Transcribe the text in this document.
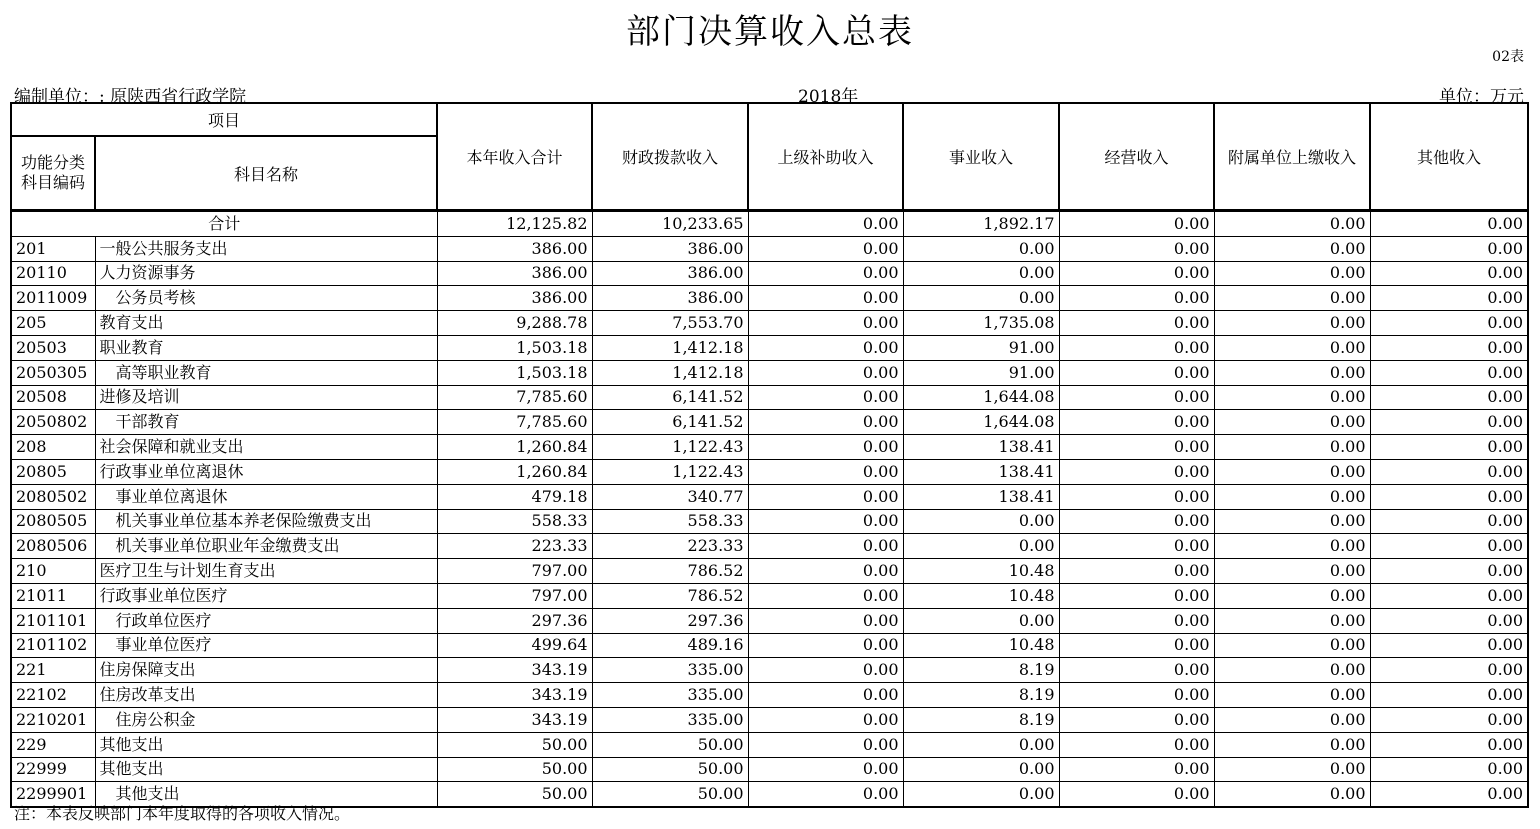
部门决算收入总表
02表
编制单位：: 原陕西省行政学院	2018年	单位：万元
项目		本年收入合计	财政拨款收入	上级补助收入	事业收入	经营收入	附属单位上缴收入	其他收入

功能分类
科目编码	科目名称							
合计		12,125.82	10,233.65	0.00	1,892.17	0.00	0.00	0.00
201	一般公共服务支出	386.00	386.00	0.00	0.00	0.00	0.00	0.00
20110	人力资源事务	386.00	386.00	0.00	0.00	0.00	0.00	0.00
2011009	公务员考核	386.00	386.00	0.00	0.00	0.00	0.00	0.00
205	教育支出	9,288.78	7,553.70	0.00	1,735.08	0.00	0.00	0.00
20503	职业教育	1,503.18	1,412.18	0.00	91.00	0.00	0.00	0.00
2050305	高等职业教育	1,503.18	1,412.18	0.00	91.00	0.00	0.00	0.00
20508	进修及培训	7,785.60	6,141.52	0.00	1,644.08	0.00	0.00	0.00
2050802	干部教育	7,785.60	6,141.52	0.00	1,644.08	0.00	0.00	0.00
208	社会保障和就业支出	1,260.84	1,122.43	0.00	138.41	0.00	0.00	0.00
20805	行政事业单位离退休	1,260.84	1,122.43	0.00	138.41	0.00	0.00	0.00
2080502	事业单位离退休	479.18	340.77	0.00	138.41	0.00	0.00	0.00
2080505	机关事业单位基本养老保险缴费支出	558.33	558.33	0.00	0.00	0.00	0.00	0.00
2080506	机关事业单位职业年金缴费支出	223.33	223.33	0.00	0.00	0.00	0.00	0.00
210	医疗卫生与计划生育支出	797.00	786.52	0.00	10.48	0.00	0.00	0.00
21011	行政事业单位医疗	797.00	786.52	0.00	10.48	0.00	0.00	0.00
2101101	行政单位医疗	297.36	297.36	0.00	0.00	0.00	0.00	0.00
2101102	事业单位医疗	499.64	489.16	0.00	10.48	0.00	0.00	0.00
221	住房保障支出	343.19	335.00	0.00	8.19	0.00	0.00	0.00
22102	住房改革支出	343.19	335.00	0.00	8.19	0.00	0.00	0.00
2210201	住房公积金	343.19	335.00	0.00	8.19	0.00	0.00	0.00
229	其他支出	50.00	50.00	0.00	0.00	0.00	0.00	0.00
22999	其他支出	50.00	50.00	0.00	0.00	0.00	0.00	0.00
2299901	其他支出	50.00	50.00	0.00	0.00	0.00	0.00	0.00
注：本表反映部门本年度取得的各项收入情况。
